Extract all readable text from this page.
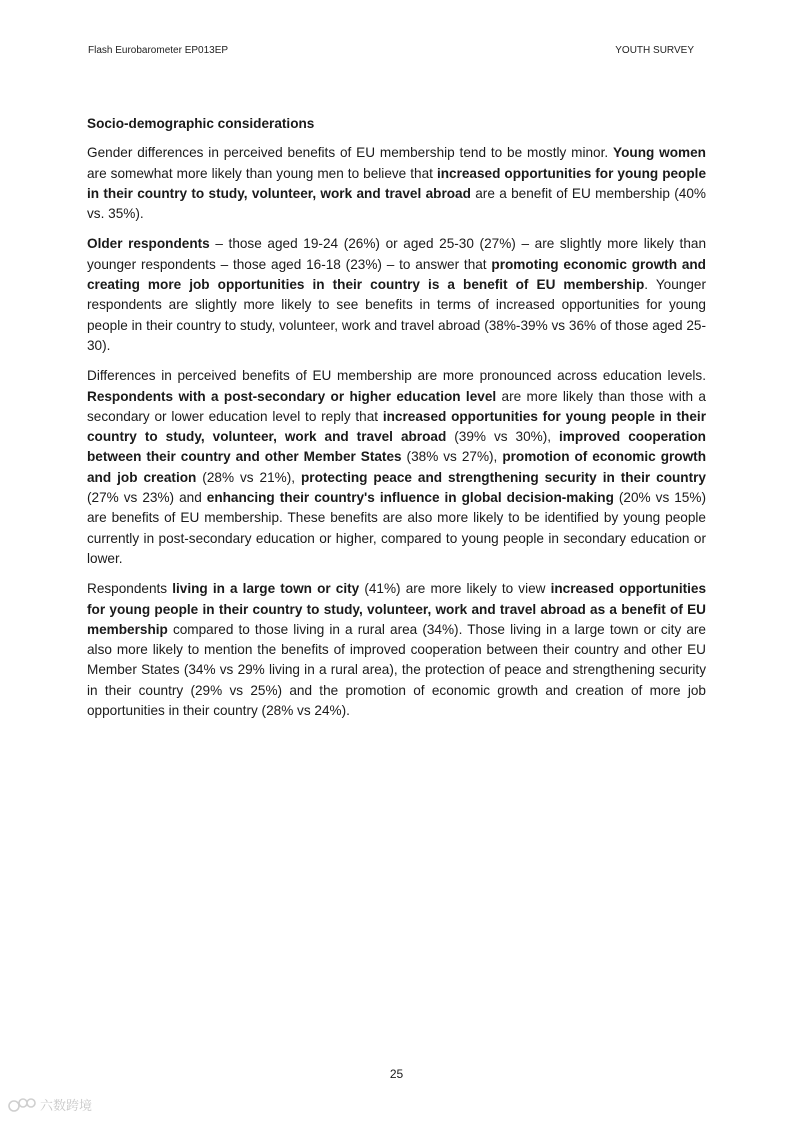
Flash Eurobarometer EP013EP	YOUTH SURVEY
Socio-demographic considerations

Gender differences in perceived benefits of EU membership tend to be mostly minor. Young women are somewhat more likely than young men to believe that increased opportunities for young people in their country to study, volunteer, work and travel abroad are a benefit of EU membership (40% vs. 35%).

Older respondents – those aged 19-24 (26%) or aged 25-30 (27%) – are slightly more likely than younger respondents – those aged 16-18 (23%) – to answer that promoting economic growth and creating more job opportunities in their country is a benefit of EU membership. Younger respondents are slightly more likely to see benefits in terms of increased opportunities for young people in their country to study, volunteer, work and travel abroad (38%-39% vs 36% of those aged 25-30).

Differences in perceived benefits of EU membership are more pronounced across education levels. Respondents with a post-secondary or higher education level are more likely than those with a secondary or lower education level to reply that increased opportunities for young people in their country to study, volunteer, work and travel abroad (39% vs 30%), improved cooperation between their country and other Member States (38% vs 27%), promotion of economic growth and job creation (28% vs 21%), protecting peace and strengthening security in their country (27% vs 23%) and enhancing their country's influence in global decision-making (20% vs 15%) are benefits of EU membership. These benefits are also more likely to be identified by young people currently in post-secondary education or higher, compared to young people in secondary education or lower.

Respondents living in a large town or city (41%) are more likely to view increased opportunities for young people in their country to study, volunteer, work and travel abroad as a benefit of EU membership compared to those living in a rural area (34%). Those living in a large town or city are also more likely to mention the benefits of improved cooperation between their country and other EU Member States (34% vs 29% living in a rural area), the protection of peace and strengthening security in their country (29% vs 25%) and the promotion of economic growth and creation of more job opportunities in their country (28% vs 24%).

25
六数跨境
